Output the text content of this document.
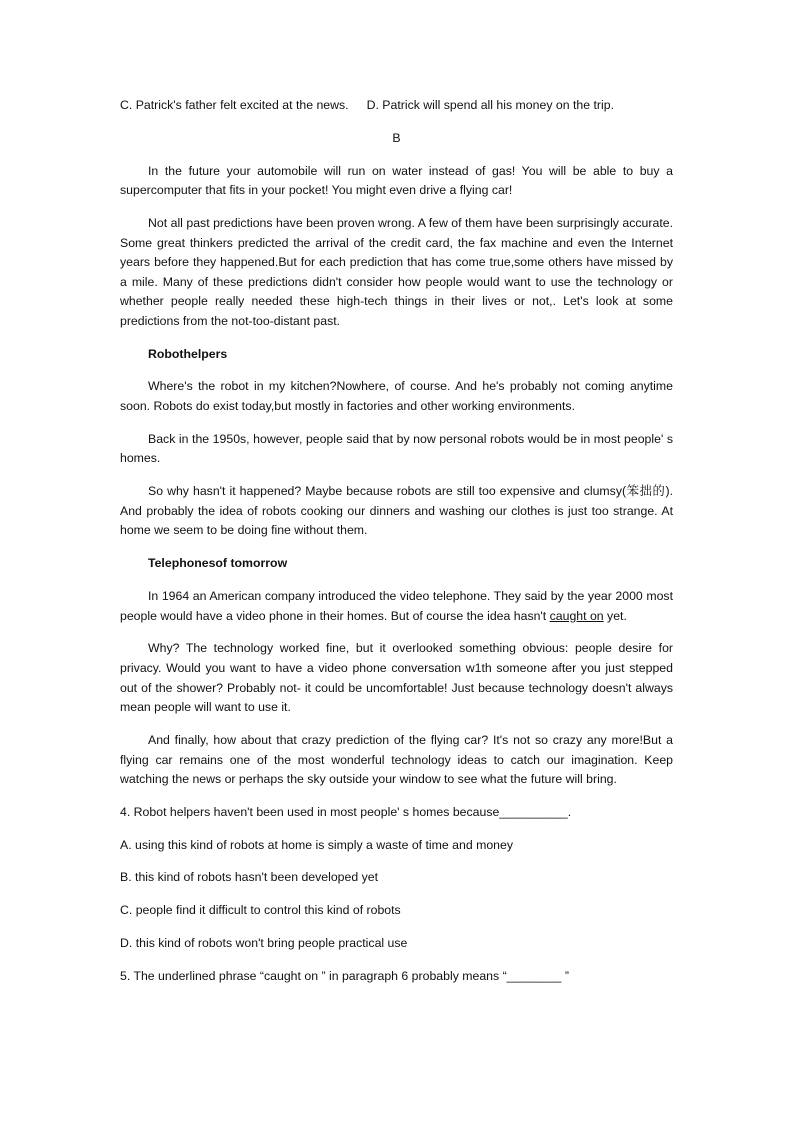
C. Patrick's father felt excited at the news. D. Patrick will spend all his money on the trip.

B

In the future your automobile will run on water instead of gas! You will be able to buy a supercomputer that fits in your pocket! You might even drive a flying car!

Not all past predictions have been proven wrong. A few of them have been surprisingly accurate. Some great thinkers predicted the arrival of the credit card, the fax machine and even the Internet years before they happened.But for each prediction that has come true,some others have missed by a mile. Many of these predictions didn't consider how people would want to use the technology or whether people really needed these high-tech things in their lives or not,. Let's look at some predictions from the not-too-distant past.

Robothelpers

Where's the robot in my kitchen?Nowhere, of course. And he's probably not coming anytime soon. Robots do exist today,but mostly in factories and other working environments.

Back in the 1950s, however, people said that by now personal robots would be in most people' s homes.

So why hasn't it happened? Maybe because robots are still too expensive and clumsy(笨拙的). And probably the idea of robots cooking our dinners and washing our clothes is just too strange. At home we seem to be doing fine without them.

Telephonesof tomorrow

In 1964 an American company introduced the video telephone. They said by the year 2000 most people would have a video phone in their homes. But of course the idea hasn't caught on yet.

Why? The technology worked fine, but it overlooked something obvious: people desire for privacy. Would you want to have a video phone conversation w1th someone after you just stepped out of the shower? Probably not- it could be uncomfortable! Just because technology doesn't always mean people will want to use it.

And finally, how about that crazy prediction of the flying car? It's not so crazy any more!But a flying car remains one of the most wonderful technology ideas to catch our imagination. Keep watching the news or perhaps the sky outside your window to see what the future will bring.

4. Robot helpers haven't been used in most people' s homes because__________.

A. using this kind of robots at home is simply a waste of time and money

B. this kind of robots hasn't been developed yet

C. people find it difficult to control this kind of robots

D. this kind of robots won't bring people practical use

5. The underlined phrase “caught on ” in paragraph 6 probably means “________ ”
